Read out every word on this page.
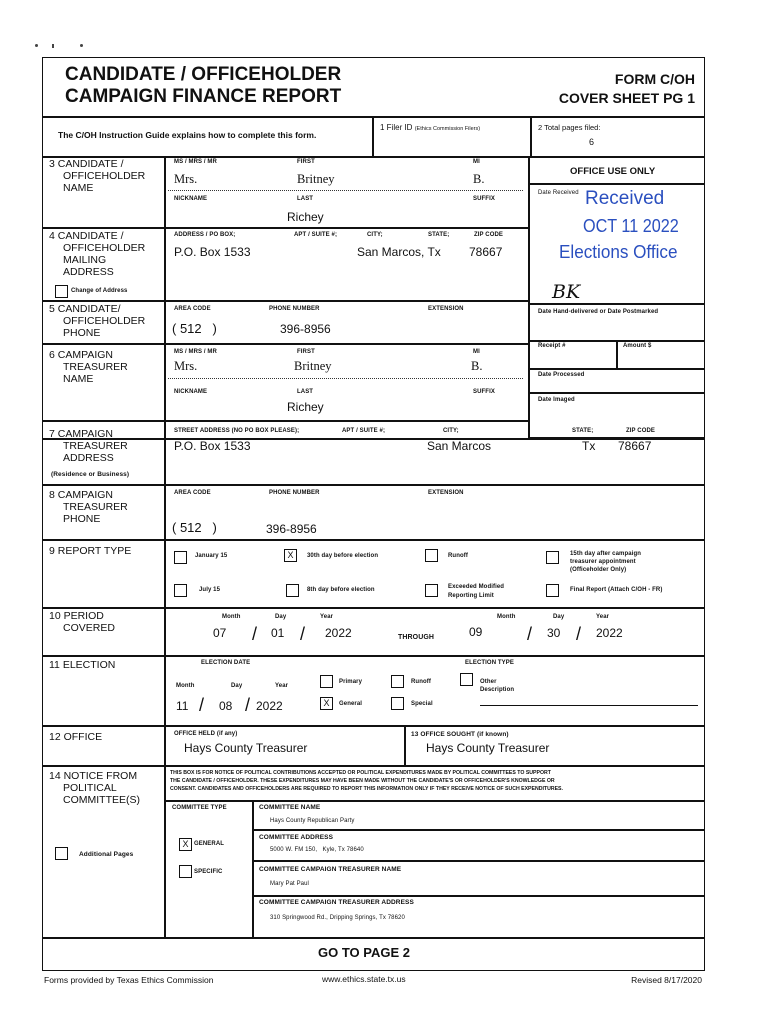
CANDIDATE / OFFICEHOLDER
CAMPAIGN FINANCE REPORT
FORM C/OH
COVER SHEET PG 1
The C/OH Instruction Guide explains how to complete this form.
1 Filer ID (Ethics Commission Filers)	2 Total pages filed:
6
OFFICE USE ONLY
Date Received Received
OCT 11 2022
Elections Office
BK
Date Hand-delivered or Date Postmarked
Receipt #	Amount $
Date Processed
Date Imaged
3 CANDIDATE /
OFFICEHOLDER
NAME
MS / MRS / MR	FIRST	MI
Mrs.	Britney	B.
NICKNAME	LAST	SUFFIX
Richey
4 CANDIDATE /
OFFICEHOLDER
MAILING
ADDRESS
Change of Address
ADDRESS / PO BOX;	APT / SUITE #;	CITY;	STATE;	ZIP CODE
P.O. Box 1533	San Marcos, Tx 78667
5 CANDIDATE/
OFFICEHOLDER
PHONE
AREA CODE	PHONE NUMBER	EXTENSION
( 512   )	396-8956
6 CAMPAIGN
TREASURER
NAME
MS / MRS / MR	FIRST	MI
Mrs.	Britney	B.
NICKNAME	LAST	SUFFIX
Richey
7 CAMPAIGN
TREASURER
ADDRESS
(Residence or Business)
STREET ADDRESS (NO PO BOX PLEASE);	APT / SUITE #;	CITY;	STATE;	ZIP CODE
P.O. Box 1533	San Marcos	Tx 78667
8 CAMPAIGN
TREASURER
PHONE
AREA CODE	PHONE NUMBER	EXTENSION
( 512   )	396-8956
9 REPORT TYPE	January 15	X	30th day before election	Runoff	15th day after campaign
treasurer appointment
(Officeholder Only)
July 15	8th day before election	Exceeded Modified
Reporting Limit
Final Report (Attach C/OH - FR)
10 PERIOD
COVERED
Month	Day	Year
07 / 01 / 2022	THROUGH
Month	Day	Year
09 / 30 / 2022
11 ELECTION	ELECTION DATE	ELECTION TYPE
Month	Day	Year
11 / 08 / 2022
Primary	Runoff	Other
Description
X	General	Special
12 OFFICE	OFFICE HELD (if any)
Hays County Treasurer
13 OFFICE SOUGHT (if known)
Hays County Treasurer
14 NOTICE FROM
POLITICAL
COMMITTEE(S)
Additional Pages
THIS BOX IS FOR NOTICE OF POLITICAL CONTRIBUTIONS ACCEPTED OR POLITICAL EXPENDITURES MADE BY POLITICAL COMMITTEES TO SUPPORT
THE CANDIDATE / OFFICEHOLDER. THESE EXPENDITURES MAY HAVE BEEN MADE WITHOUT THE CANDIDATE'S OR OFFICEHOLDER'S KNOWLEDGE OR
CONSENT. CANDIDATES AND OFFICEHOLDERS ARE REQUIRED TO REPORT THIS INFORMATION ONLY IF THEY RECEIVE NOTICE OF SUCH EXPENDITURES.
COMMITTEE TYPE
X GENERAL
SPECIFIC
COMMITTEE NAME
Hays County Republican Party
COMMITTEE ADDRESS
5000 W. FM 150,   Kyle, Tx 78640
COMMITTEE CAMPAIGN TREASURER NAME
Mary Pat Paul
COMMITTEE CAMPAIGN TREASURER ADDRESS
310 Springwood Rd., Dripping Springs, Tx 78620
GO TO PAGE 2
Forms provided by Texas Ethics Commission	www.ethics.state.tx.us	Revised 8/17/2020
